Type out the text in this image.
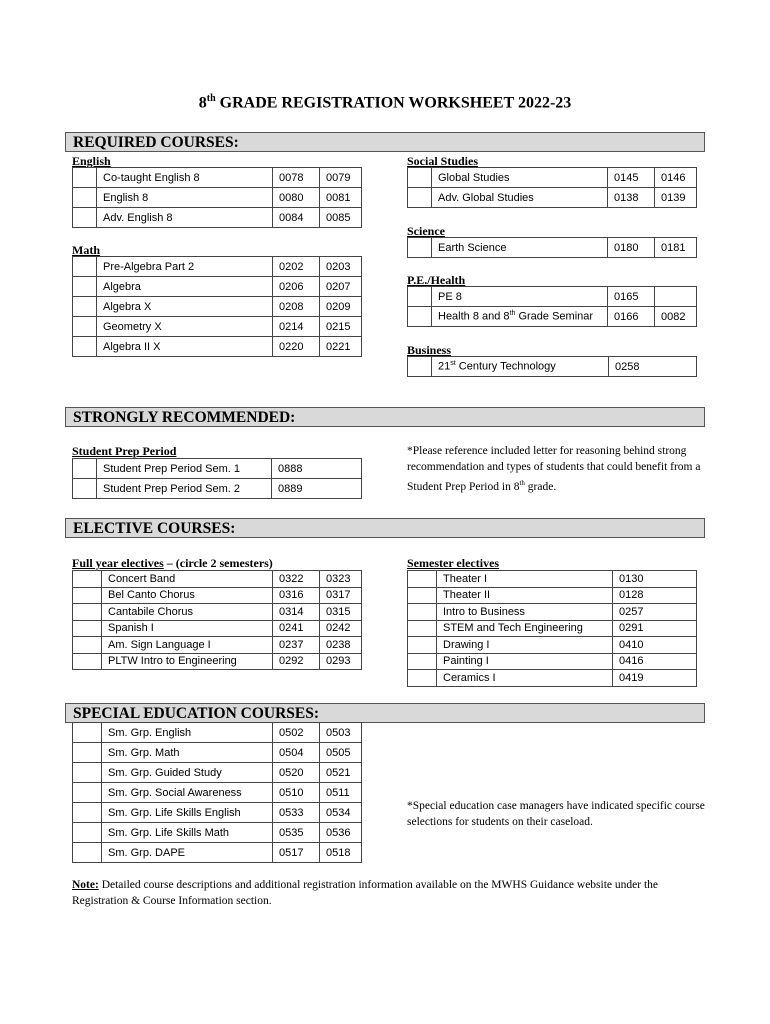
8th GRADE REGISTRATION WORKSHEET 2022-23
REQUIRED COURSES:
English
	Co-taught English 8	0078	0079
	English 8	0080	0081
	Adv. English 8	0084	0085
Math
	Pre-Algebra Part 2	0202	0203
	Algebra	0206	0207
	Algebra X	0208	0209
	Geometry X	0214	0215
	Algebra II X	0220	0221
Social Studies
	Global Studies	0145	0146
	Adv. Global Studies	0138	0139
Science
	Earth Science	0180	0181
P.E./Health
	PE 8	0165	
	Health 8 and 8th Grade Seminar	0166	0082
Business
	21st Century Technology	0258
STRONGLY RECOMMENDED:
Student Prep Period
	Student Prep Period Sem. 1	0888
	Student Prep Period Sem. 2	0889
*Please reference included letter for reasoning behind strong recommendation and types of students that could benefit from a Student Prep Period in 8th grade.
ELECTIVE COURSES:
Full year electives – (circle 2 semesters)
	Concert Band	0322	0323
	Bel Canto Chorus	0316	0317
	Cantabile Chorus	0314	0315
	Spanish I	0241	0242
	Am. Sign Language I	0237	0238
	PLTW Intro to Engineering	0292	0293
Semester electives
	Theater I	0130
	Theater II	0128
	Intro to Business	0257
	STEM and Tech Engineering	0291
	Drawing I	0410
	Painting I	0416
	Ceramics I	0419
SPECIAL EDUCATION COURSES:
	Sm. Grp. English	0502	0503
	Sm. Grp. Math	0504	0505
	Sm. Grp. Guided Study	0520	0521
	Sm. Grp. Social Awareness	0510	0511
	Sm. Grp. Life Skills English	0533	0534
	Sm. Grp. Life Skills Math	0535	0536
	Sm. Grp. DAPE	0517	0518
*Special education case managers have indicated specific course selections for students on their caseload.
Note: Detailed course descriptions and additional registration information available on the MWHS Guidance website under the Registration & Course Information section.
